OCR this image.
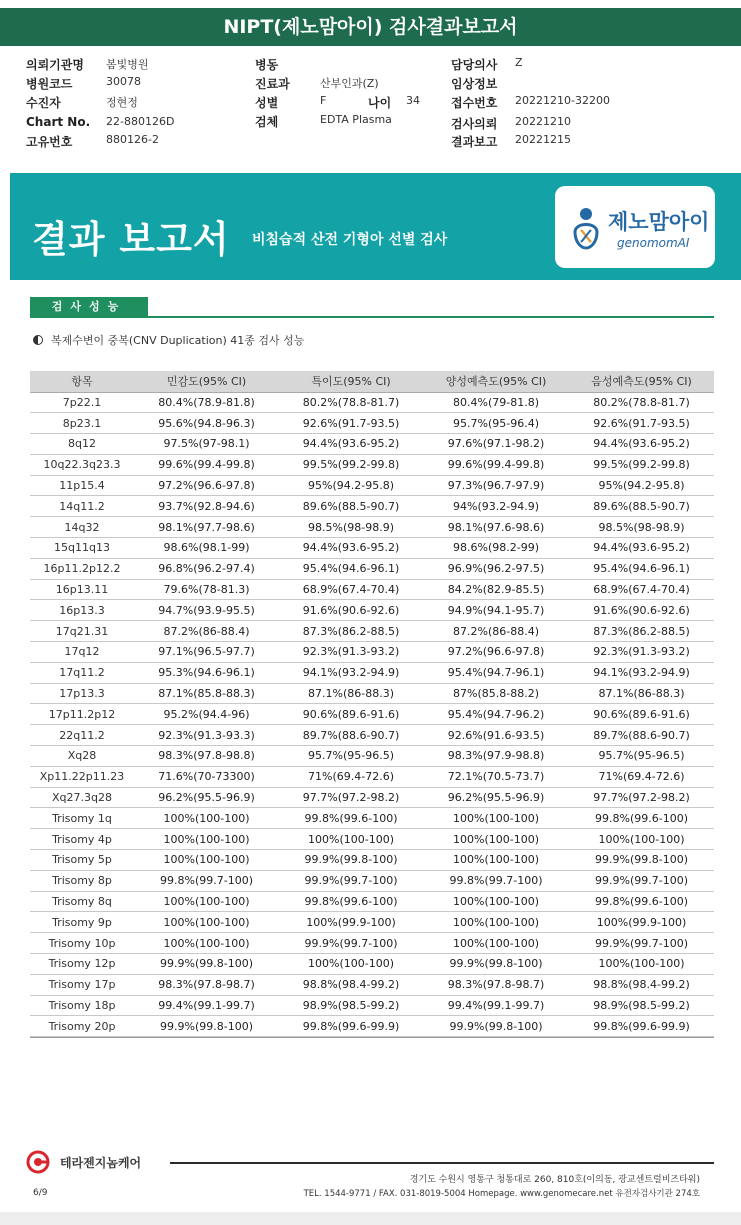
NIPT(제노맘아이) 검사결과보고서
의뢰기관명 봄빛병원
병원코드	30078
수진자	정현정
Chart No. 22-880126D
고유번호	880126-2
병동
진료과	산부인과(Z)
성별	F	나이 34
검체	EDTA Plasma
담당의사 Z
임상정보
접수번호 20221210-32200
검사의뢰 20221210
결과보고 20221215
결과 보고서 비침습적 산전 기형아 선별 검사
제노맘아이
genomomAI
검사성능
복제수변이 중복(CNV Duplication) 41종 검사 성능
항목	민감도(95% CI)	특이도(95% CI)	양성예측도(95% CI)	음성예측도(95% CI)
7p22.1	80.4%(78.9-81.8)	80.2%(78.8-81.7)	80.4%(79-81.8)	80.2%(78.8-81.7)
8p23.1	95.6%(94.8-96.3)	92.6%(91.7-93.5)	95.7%(95-96.4)	92.6%(91.7-93.5)
8q12	97.5%(97-98.1)	94.4%(93.6-95.2)	97.6%(97.1-98.2)	94.4%(93.6-95.2)
10q22.3q23.3	99.6%(99.4-99.8)	99.5%(99.2-99.8)	99.6%(99.4-99.8)	99.5%(99.2-99.8)
11p15.4	97.2%(96.6-97.8)	95%(94.2-95.8)	97.3%(96.7-97.9)	95%(94.2-95.8)
14q11.2	93.7%(92.8-94.6)	89.6%(88.5-90.7)	94%(93.2-94.9)	89.6%(88.5-90.7)
14q32	98.1%(97.7-98.6)	98.5%(98-98.9)	98.1%(97.6-98.6)	98.5%(98-98.9)
15q11q13	98.6%(98.1-99)	94.4%(93.6-95.2)	98.6%(98.2-99)	94.4%(93.6-95.2)
16p11.2p12.2	96.8%(96.2-97.4)	95.4%(94.6-96.1)	96.9%(96.2-97.5)	95.4%(94.6-96.1)
16p13.11	79.6%(78-81.3)	68.9%(67.4-70.4)	84.2%(82.9-85.5)	68.9%(67.4-70.4)
16p13.3	94.7%(93.9-95.5)	91.6%(90.6-92.6)	94.9%(94.1-95.7)	91.6%(90.6-92.6)
17q21.31	87.2%(86-88.4)	87.3%(86.2-88.5)	87.2%(86-88.4)	87.3%(86.2-88.5)
17q12	97.1%(96.5-97.7)	92.3%(91.3-93.2)	97.2%(96.6-97.8)	92.3%(91.3-93.2)
17q11.2	95.3%(94.6-96.1)	94.1%(93.2-94.9)	95.4%(94.7-96.1)	94.1%(93.2-94.9)
17p13.3	87.1%(85.8-88.3)	87.1%(86-88.3)	87%(85.8-88.2)	87.1%(86-88.3)
17p11.2p12	95.2%(94.4-96)	90.6%(89.6-91.6)	95.4%(94.7-96.2)	90.6%(89.6-91.6)
22q11.2	92.3%(91.3-93.3)	89.7%(88.6-90.7)	92.6%(91.6-93.5)	89.7%(88.6-90.7)
Xq28	98.3%(97.8-98.8)	95.7%(95-96.5)	98.3%(97.9-98.8)	95.7%(95-96.5)
Xp11.22p11.23	71.6%(70-73300)	71%(69.4-72.6)	72.1%(70.5-73.7)	71%(69.4-72.6)
Xq27.3q28	96.2%(95.5-96.9)	97.7%(97.2-98.2)	96.2%(95.5-96.9)	97.7%(97.2-98.2)
Trisomy 1q	100%(100-100)	99.8%(99.6-100)	100%(100-100)	99.8%(99.6-100)
Trisomy 4p	100%(100-100)	100%(100-100)	100%(100-100)	100%(100-100)
Trisomy 5p	100%(100-100)	99.9%(99.8-100)	100%(100-100)	99.9%(99.8-100)
Trisomy 8p	99.8%(99.7-100)	99.9%(99.7-100)	99.8%(99.7-100)	99.9%(99.7-100)
Trisomy 8q	100%(100-100)	99.8%(99.6-100)	100%(100-100)	99.8%(99.6-100)
Trisomy 9p	100%(100-100)	100%(99.9-100)	100%(100-100)	100%(99.9-100)
Trisomy 10p	100%(100-100)	99.9%(99.7-100)	100%(100-100)	99.9%(99.7-100)
Trisomy 12p	99.9%(99.8-100)	100%(100-100)	99.9%(99.8-100)	100%(100-100)
Trisomy 17p	98.3%(97.8-98.7)	98.8%(98.4-99.2)	98.3%(97.8-98.7)	98.8%(98.4-99.2)
Trisomy 18p	99.4%(99.1-99.7)	98.9%(98.5-99.2)	99.4%(99.1-99.7)	98.9%(98.5-99.2)
Trisomy 20p	99.9%(99.8-100)	99.8%(99.6-99.9)	99.9%(99.8-100)	99.8%(99.6-99.9)
테라젠지놈케어
경기도 수원시 영통구 청통대로 260, 810호(이의동, 광교센트럴비즈타워)
TEL. 1544-9771 / FAX. 031-8019-5004 Homepage. www.genomecare.net 유전자검사기관 274호
6/9
